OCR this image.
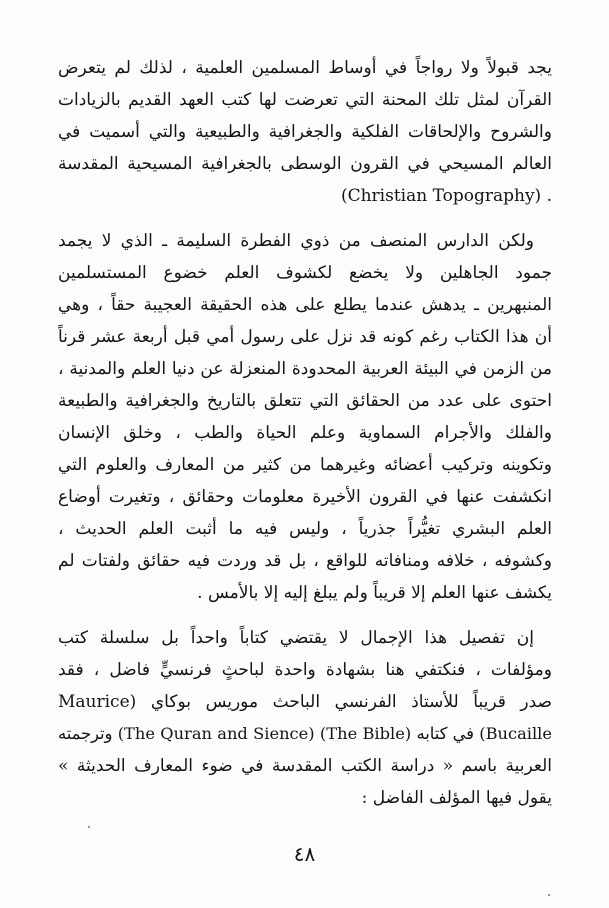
يجد قبولاً ولا رواجاً في أوساط المسلمين العلمية ، لذلك لم يتعرض
القرآن لمثل تلك المحنة التي تعرضت لها كتب العهد القديم بالزيادات
والشروح والإلحاقات الفلكية والجغرافية والطبيعية والتي أسميت في
العالم المسيحي في القرون الوسطى بالجغرافية المسيحية المقدسة
. (Christian Topography)
ولكن الدارس المنصف من ذوي الفطرة السليمة ـ الذي لا يجمد
جمود الجاهلين ولا يخضع لكشوف العلم خضوع المستسلمين
المنبهرين ـ يدهش عندما يطلع على هذه الحقيقة العجيبة حقاً ، وهي
أن هذا الكتاب رغم كونه قد نزل على رسول أمي قبل أربعة عشر قرناً
من الزمن في البيئة العربية المحدودة المنعزلة عن دنيا العلم والمدنية ،
احتوى على عدد من الحقائق التي تتعلق بالتاريخ والجغرافية والطبيعة
والفلك والأجرام السماوية وعلم الحياة والطب ، وخلق الإنسان
وتكوينه وتركيب أعضائه وغيرهما من كثير من المعارف والعلوم التي
انكشفت عنها في القرون الأخيرة معلومات وحقائق ، وتغيرت أوضاع
العلم البشري تغيُّراً جذرياً ، وليس فيه ما أثبت العلم الحديث ،
وكشوفه ، خلافه ومنافاته للواقع ، بل قد وردت فيه حقائق ولفتات لم
يكشف عنها العلم إلا قريباً ولم يبلغ إليه إلا بالأمس .
إن تفصيل هذا الإجمال لا يقتضي كتاباً واحداً بل سلسلة كتب
ومؤلفات ، فنكتفي هنا بشهادة واحدة لباحثٍ فرنسيٍّ فاضل ، فقد
صدر قريباً للأستاذ الفرنسي الباحث موريس بوكاي (Maurice
Bucaille) في كتابه (The Bible) (The Quran and Sience) وترجمته
العربية باسم « دراسة الكتب المقدسة في ضوء المعارف الحديثة »
يقول فيها المؤلف الفاضل :
٤٨
